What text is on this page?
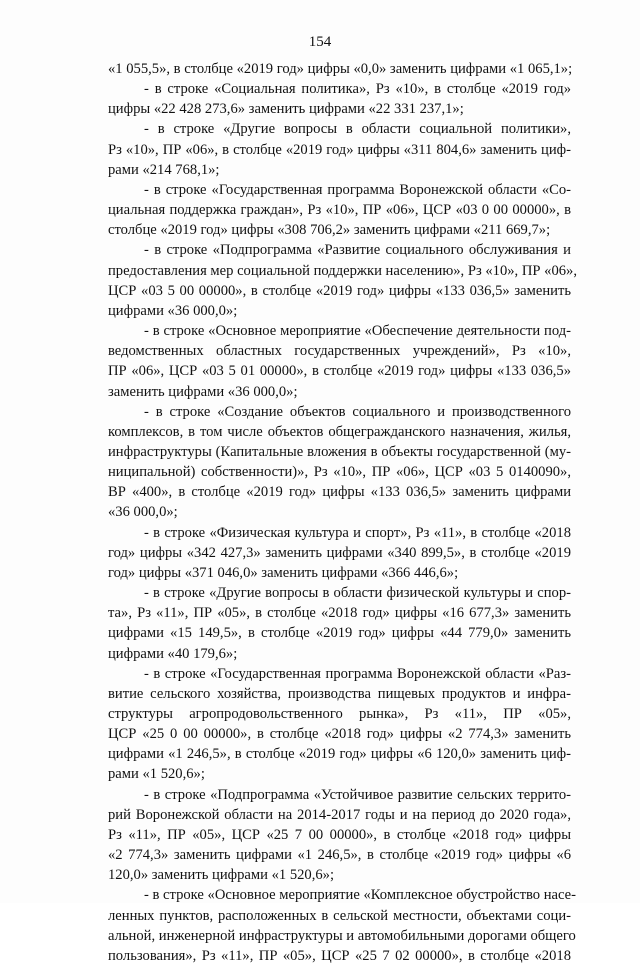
154
«1 055,5», в столбце «2019 год» цифры «0,0» заменить цифрами «1 065,1»;
- в строке «Социальная политика», Рз «10», в столбце «2019 год»
цифры «22 428 273,6» заменить цифрами «22 331 237,1»;
- в строке «Другие вопросы в области социальной политики»,
Рз «10», ПР «06», в столбце «2019 год» цифры «311 804,6» заменить циф-
рами «214 768,1»;
- в строке «Государственная программа Воронежской области «Со-
циальная поддержка граждан», Рз «10», ПР «06», ЦСР «03 0 00 00000», в
столбце «2019 год» цифры «308 706,2» заменить цифрами «211 669,7»;
- в строке «Подпрограмма «Развитие социального обслуживания и
предоставления мер социальной поддержки населению», Рз «10», ПР «06»,
ЦСР «03 5 00 00000», в столбце «2019 год» цифры «133 036,5» заменить
цифрами «36 000,0»;
- в строке «Основное мероприятие «Обеспечение деятельности под-
ведомственных областных государственных учреждений», Рз «10»,
ПР «06», ЦСР «03 5 01 00000», в столбце «2019 год» цифры «133 036,5»
заменить цифрами «36 000,0»;
- в строке «Создание объектов социального и производственного
комплексов, в том числе объектов общегражданского назначения, жилья,
инфраструктуры (Капитальные вложения в объекты государственной (му-
ниципальной) собственности)», Рз «10», ПР «06», ЦСР «03 5 0140090»,
ВР «400», в столбце «2019 год» цифры «133 036,5» заменить цифрами
«36 000,0»;
- в строке «Физическая культура и спорт», Рз «11», в столбце «2018
год» цифры «342 427,3» заменить цифрами «340 899,5», в столбце «2019
год» цифры «371 046,0» заменить цифрами «366 446,6»;
- в строке «Другие вопросы в области физической культуры и спор-
та», Рз «11», ПР «05», в столбце «2018 год» цифры «16 677,3» заменить
цифрами «15 149,5», в столбце «2019 год» цифры «44 779,0» заменить
цифрами «40 179,6»;
- в строке «Государственная программа Воронежской области «Раз-
витие сельского хозяйства, производства пищевых продуктов и инфра-
структуры агропродовольственного рынка», Рз «11», ПР «05»,
ЦСР «25 0 00 00000», в столбце «2018 год» цифры «2 774,3» заменить
цифрами «1 246,5», в столбце «2019 год» цифры «6 120,0» заменить циф-
рами «1 520,6»;
- в строке «Подпрограмма «Устойчивое развитие сельских террито-
рий Воронежской области на 2014-2017 годы и на период до 2020 года»,
Рз «11», ПР «05», ЦСР «25 7 00 00000», в столбце «2018 год» цифры
«2 774,3» заменить цифрами «1 246,5», в столбце «2019 год» цифры «6
120,0» заменить цифрами «1 520,6»;
- в строке «Основное мероприятие «Комплексное обустройство насе-
ленных пунктов, расположенных в сельской местности, объектами соци-
альной, инженерной инфраструктуры и автомобильными дорогами общего
пользования», Рз «11», ПР «05», ЦСР «25 7 02 00000», в столбце «2018
